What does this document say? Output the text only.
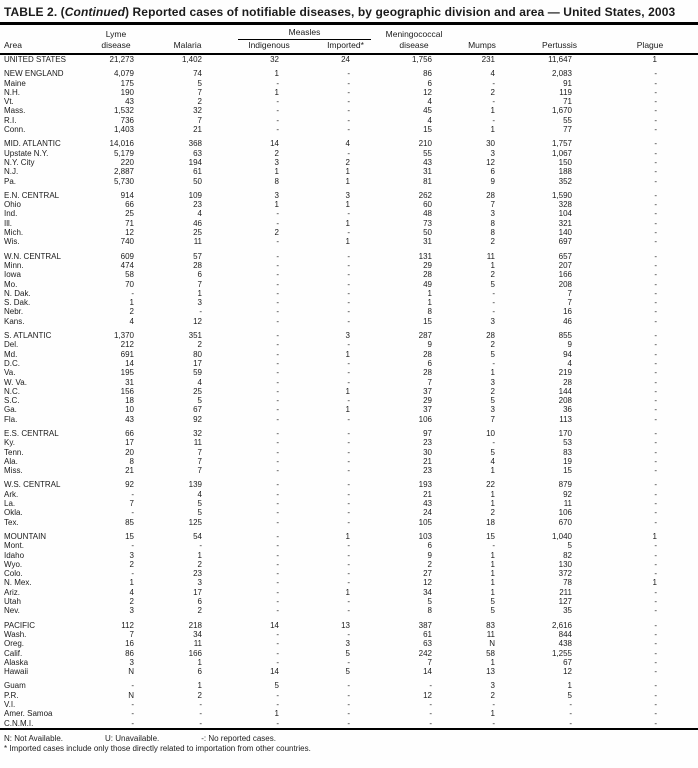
TABLE 2. (Continued) Reported cases of notifiable diseases, by geographic division and area — United States, 2003
	Lyme		Measles		Meningococcal			
Area	disease	Malaria	Indigenous	Imported*	disease	Mumps	Pertussis	Plague
UNITED STATES	21,273	1,402	32	24	1,756	231	11,647	1

NEW ENGLAND	4,079	74	1	-	86	4	2,083	-
Maine	175	5	-	-	6	-	91	-
N.H.	190	7	1	-	12	2	119	-
Vt.	43	2	-	-	4	-	71	-
Mass.	1,532	32	-	-	45	1	1,670	-
R.I.	736	7	-	-	4	-	55	-
Conn.	1,403	21	-	-	15	1	77	-

MID. ATLANTIC	14,016	368	14	4	210	30	1,757	-
Upstate N.Y.	5,179	63	2	-	55	3	1,067	-
N.Y. City	220	194	3	2	43	12	150	-
N.J.	2,887	61	1	1	31	6	188	-
Pa.	5,730	50	8	1	81	9	352	-

E.N. CENTRAL	914	109	3	3	262	28	1,590	-
Ohio	66	23	1	1	60	7	328	-
Ind.	25	4	-	-	48	3	104	-
Ill.	71	46	-	1	73	8	321	-
Mich.	12	25	2	-	50	8	140	-
Wis.	740	11	-	1	31	2	697	-

W.N. CENTRAL	609	57	-	-	131	11	657	-
Minn.	474	28	-	-	29	1	207	-
Iowa	58	6	-	-	28	2	166	-
Mo.	70	7	-	-	49	5	208	-
N. Dak.	-	1	-	-	1	-	7	-
S. Dak.	1	3	-	-	1	-	7	-
Nebr.	2	-	-	-	8	-	16	-
Kans.	4	12	-	-	15	3	46	-

S. ATLANTIC	1,370	351	-	3	287	28	855	-
Del.	212	2	-	-	9	2	9	-
Md.	691	80	-	1	28	5	94	-
D.C.	14	17	-	-	6	-	4	-
Va.	195	59	-	-	28	1	219	-
W. Va.	31	4	-	-	7	3	28	-
N.C.	156	25	-	1	37	2	144	-
S.C.	18	5	-	-	29	5	208	-
Ga.	10	67	-	1	37	3	36	-
Fla.	43	92	-	-	106	7	113	-

E.S. CENTRAL	66	32	-	-	97	10	170	-
Ky.	17	11	-	-	23	-	53	-
Tenn.	20	7	-	-	30	5	83	-
Ala.	8	7	-	-	21	4	19	-
Miss.	21	7	-	-	23	1	15	-

W.S. CENTRAL	92	139	-	-	193	22	879	-
Ark.	-	4	-	-	21	1	92	-
La.	7	5	-	-	43	1	11	-
Okla.	-	5	-	-	24	2	106	-
Tex.	85	125	-	-	105	18	670	-

MOUNTAIN	15	54	-	1	103	15	1,040	1
Mont.	-	-	-	-	6	-	5	-
Idaho	3	1	-	-	9	1	82	-
Wyo.	2	2	-	-	2	1	130	-
Colo.	-	23	-	-	27	1	372	-
N. Mex.	1	3	-	-	12	1	78	1
Ariz.	4	17	-	1	34	1	211	-
Utah	2	6	-	-	5	5	127	-
Nev.	3	2	-	-	8	5	35	-

PACIFIC	112	218	14	13	387	83	2,616	-
Wash.	7	34	-	-	61	11	844	-
Oreg.	16	11	-	3	63	N	438	-
Calif.	86	166	-	5	242	58	1,255	-
Alaska	3	1	-	-	7	1	67	-
Hawaii	N	6	14	5	14	13	12	-

Guam	-	1	5	-	-	3	1	-
P.R.	N	2	-	-	12	2	5	-
V.I.	-	-	-	-	-	-	-	-
Amer. Samoa	-	-	1	-	-	1	-	-
C.N.M.I.	-	-	-	-	-	-	-	-
N: Not Available.	U: Unavailable.	-: No reported cases.
* Imported cases include only those directly related to importation from other countries.
